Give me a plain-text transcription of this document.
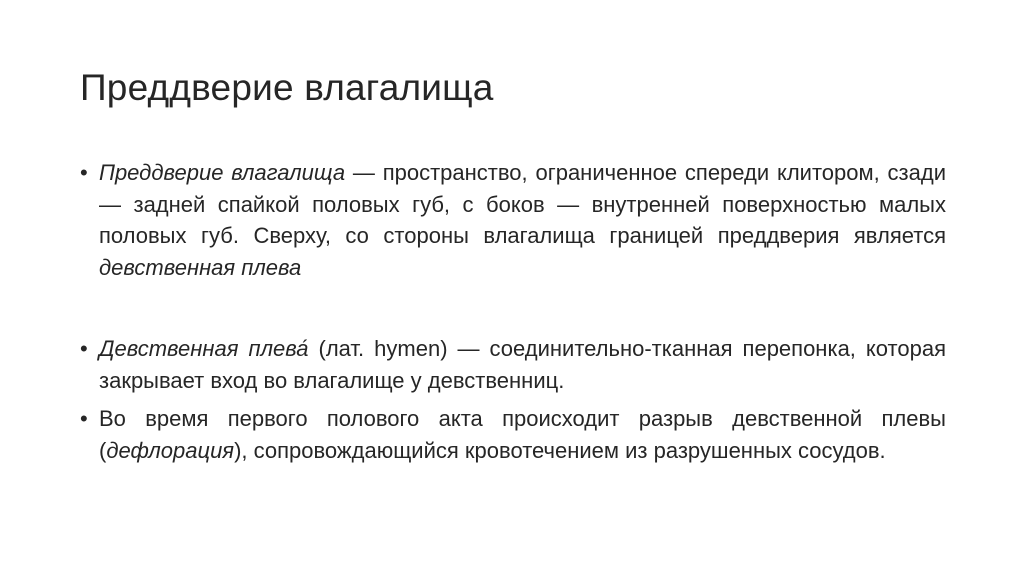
Преддверие влагалища
• Преддверие влагалища — пространство, ограниченное спереди клитором, сзади — задней спайкой половых губ, с боков — внутренней поверхностью малых половых губ. Сверху, со стороны влагалища границей преддверия является девственная плева
• Девственная плева́ (лат. hymen) — соединительно-тканная перепонка, которая закрывает вход во влагалище у девственниц.
• Во время первого полового акта происходит разрыв девственной плевы (дефлорация), сопровождающийся кровотечением из разрушенных сосудов.
